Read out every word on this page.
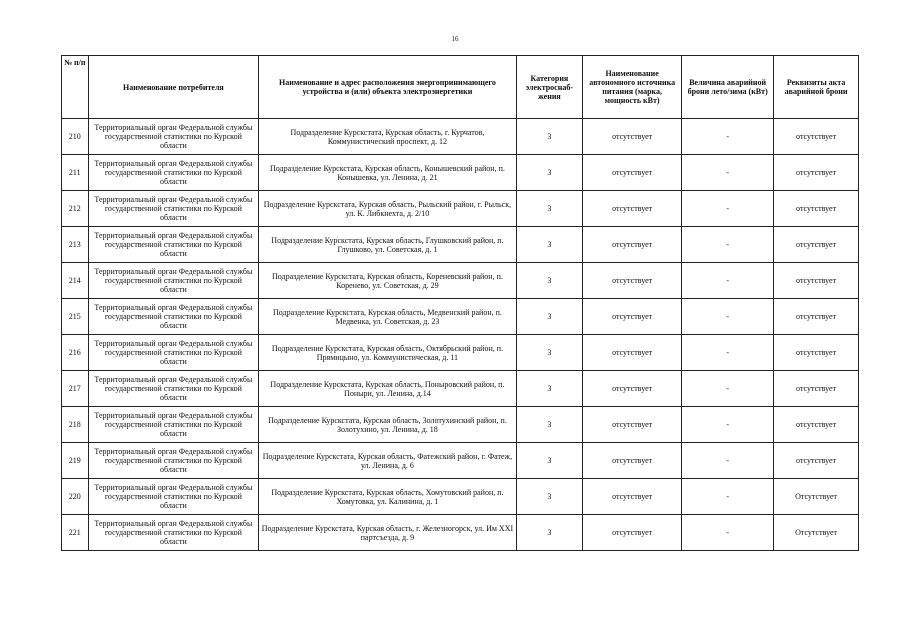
16
№ п/п	Наименование потребителя	Наименование и адрес расположения энергопринимающего устройства и (или) объекта электроэнергетики	Категория электроснаб-жения	Наименование автономного источника питания (марка, мощность кВт)	Величина аварийной брони лето/зима (кВт)	Реквизиты акта аварийной брони
210	Территориальный орган Федеральной службы государственной статистики по Курской области	Подразделение Курскстата, Курская область, г. Курчатов, Коммунистический проспект, д. 12	3	отсутствует	-	отсутствует
211	Территориальный орган Федеральной службы государственной статистики по Курской области	Подразделение Курскстата, Курская область, Конышевский район, п. Конышевка, ул. Ленина, д. 21	3	отсутствует	-	отсутствует
212	Территориальный орган Федеральной службы государственной статистики по Курской области	Подразделение Курскстата, Курская область, Рыльский район, г. Рыльск, ул. К. Либкнехта, д. 2/10	3	отсутствует	-	отсутствует
213	Территориальный орган Федеральной службы государственной статистики по Курской области	Подразделение Курскстата, Курская область, Глушковский район, п. Глушково, ул. Советская, д. 1	3	отсутствует	-	отсутствует
214	Территориальный орган Федеральной службы государственной статистики по Курской области	Подразделение Курскстата, Курская область, Кореневский район, п. Коренево, ул. Советская, д. 29	3	отсутствует	-	отсутствует
215	Территориальный орган Федеральной службы государственной статистики по Курской области	Подразделение Курскстата, Курская область, Медвенский район, п. Медвенка, ул. Советская, д. 23	3	отсутствует	-	отсутствует
216	Территориальный орган Федеральной службы государственной статистики по Курской области	Подразделение Курскстата, Курская область, Октябрьский район, п. Прямицыно, ул. Коммунистическая, д. 11	3	отсутствует	-	отсутствует
217	Территориальный орган Федеральной службы государственной статистики по Курской области	Подразделение Курскстата, Курская область, Поныровский район, п. Поныри, ул. Ленина, д.14	3	отсутствует	-	отсутствует
218	Территориальный орган Федеральной службы государственной статистики по Курской области	Подразделение Курскстата, Курская область, Золотухинский район, п. Золотухино, ул. Ленина, д. 18	3	отсутствует	-	отсутствует
219	Территориальный орган Федеральной службы государственной статистики по Курской области	Подразделение Курскстата, Курская область, Фатежский район, г. Фатеж, ул. Ленина, д. 6	3	отсутствует	-	отсутствует
220	Территориальный орган Федеральной службы государственной статистики по Курской области	Подразделение Курскстата, Курская область, Хомутовский район, п. Хомутовка, ул. Калинина, д. 1	3	отсутствует	-	Отсутствует
221	Территориальный орган Федеральной службы государственной статистики по Курской области	Подразделение Курскстата, Курская область, г. Железногорск, ул. Им XXI партсъезда, д. 9	3	отсутствует	-	Отсутствует
